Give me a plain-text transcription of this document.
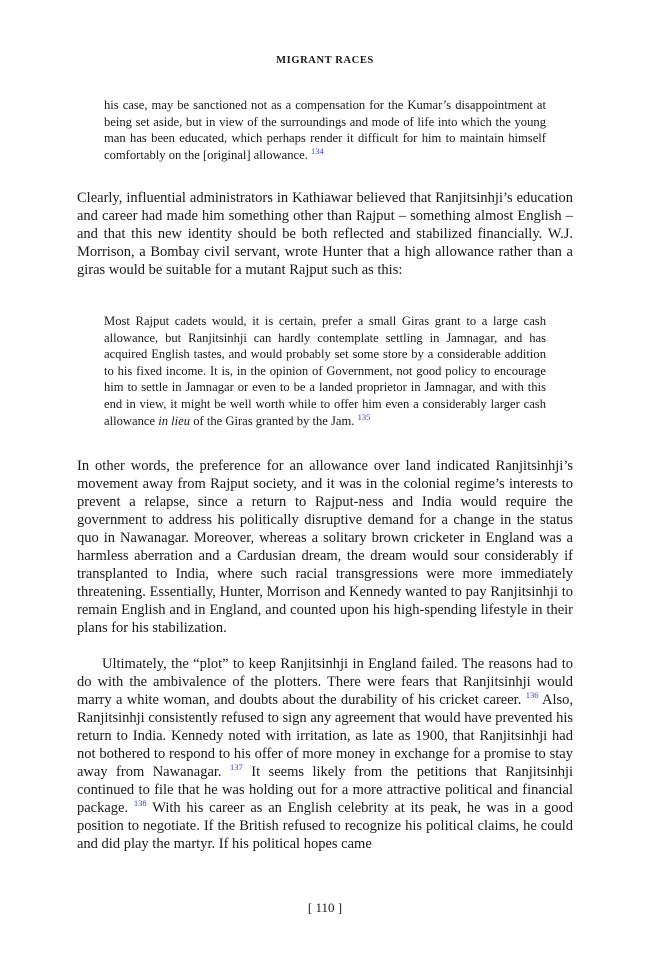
MIGRANT RACES

his case, may be sanctioned not as a compensation for the Kumar’s disappointment at being set aside, but in view of the surroundings and mode of life into which the young man has been educated, which perhaps render it difficult for him to maintain himself comfortably on the [original] allowance. $^{134}$

Clearly, influential administrators in Kathiawar believed that Ranjitsinhji’s education and career had made him something other than Rajput – something almost English – and that this new identity should be both reflected and stabilized financially. W.J. Morrison, a Bombay civil servant, wrote Hunter that a high allowance rather than a giras would be suitable for a mutant Rajput such as this:

Most Rajput cadets would, it is certain, prefer a small Giras grant to a large cash allowance, but Ranjitsinhji can hardly contemplate settling in Jamnagar, and has acquired English tastes, and would probably set some store by a considerable addition to his fixed income. It is, in the opinion of Government, not good policy to encourage him to settle in Jamnagar or even to be a landed proprietor in Jamnagar, and with this end in view, it might be well worth while to offer him even a considerably larger cash allowance in lieu of the Giras granted by the Jam. $^{135}$

In other words, the preference for an allowance over land indicated Ranjitsinhji’s movement away from Rajput society, and it was in the colonial regime’s interests to prevent a relapse, since a return to Rajput-ness and India would require the government to address his politically disruptive demand for a change in the status quo in Nawanagar. Moreover, whereas a solitary brown cricketer in England was a harmless aberration and a Cardusian dream, the dream would sour considerably if transplanted to India, where such racial transgressions were more immediately threatening. Essentially, Hunter, Morrison and Kennedy wanted to pay Ranjitsinhji to remain English and in England, and counted upon his high-spending lifestyle in their plans for his stabilization.

Ultimately, the “plot” to keep Ranjitsinhji in England failed. The reasons had to do with the ambivalence of the plotters. There were fears that Ranjitsinhji would marry a white woman, and doubts about the durability of his cricket career. $^{136}$ Also, Ranjitsinhji consistently refused to sign any agreement that would have prevented his return to India. Kennedy noted with irritation, as late as 1900, that Ranjitsinhji had not bothered to respond to his offer of more money in exchange for a promise to stay away from Nawanagar. $^{137}$ It seems likely from the petitions that Ranjitsinhji continued to file that he was holding out for a more attractive political and financial package. $^{138}$ With his career as an English celebrity at its peak, he was in a good position to negotiate. If the British refused to recognize his political claims, he could and did play the martyr. If his political hopes came

[ 110 ]
